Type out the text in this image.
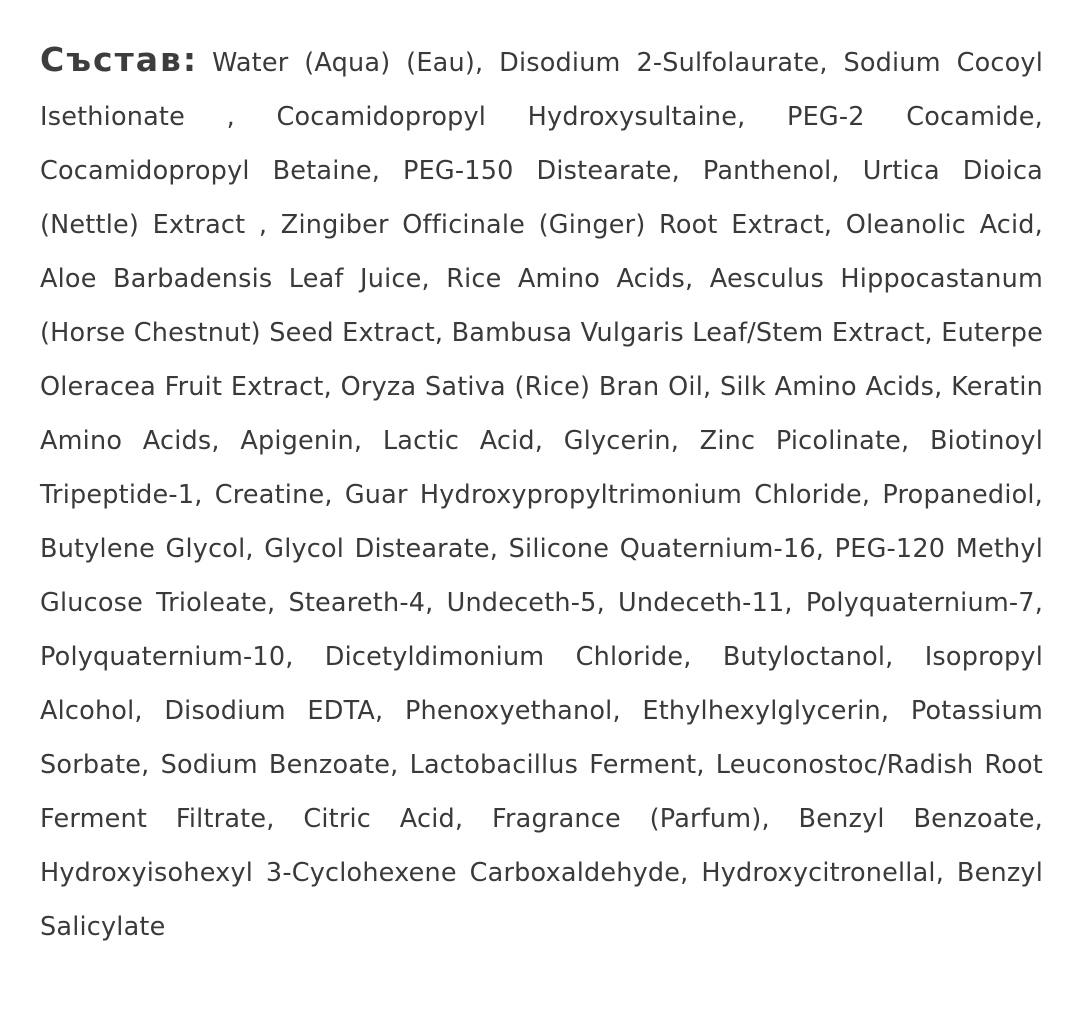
Състав: Water (Aqua) (Eau), Disodium 2-Sulfolaurate, Sodium Cocoyl Isethionate , Cocamidopropyl Hydroxysultaine, PEG-2 Cocamide, Cocamidopropyl Betaine, PEG-150 Distearate, Panthenol, Urtica Dioica (Nettle) Extract , Zingiber Officinale (Ginger) Root Extract, Oleanolic Acid, Aloe Barbadensis Leaf Juice, Rice Amino Acids, Aesculus Hippocastanum (Horse Chestnut) Seed Extract, Bambusa Vulgaris Leaf/Stem Extract, Euterpe Oleracea Fruit Extract, Oryza Sativa (Rice) Bran Oil, Silk Amino Acids, Keratin Amino Acids, Apigenin, Lactic Acid, Glycerin, Zinc Picolinate, Biotinoyl Tripeptide-1, Creatine, Guar Hydroxypropyltrimonium Chloride, Propanediol, Butylene Glycol, Glycol Distearate, Silicone Quaternium-16, PEG-120 Methyl Glucose Trioleate, Steareth-4, Undeceth-5, Undeceth-11, Polyquaternium-7, Polyquaternium-10, Dicetyldimonium Chloride, Butyloctanol, Isopropyl Alcohol, Disodium EDTA, Phenoxyethanol, Ethylhexylglycerin, Potassium Sorbate, Sodium Benzoate, Lactobacillus Ferment, Leuconostoc/Radish Root Ferment Filtrate, Citric Acid, Fragrance (Parfum), Benzyl Benzoate, Hydroxyisohexyl 3-Cyclohexene Carboxaldehyde, Hydroxycitronellal, Benzyl Salicylate
